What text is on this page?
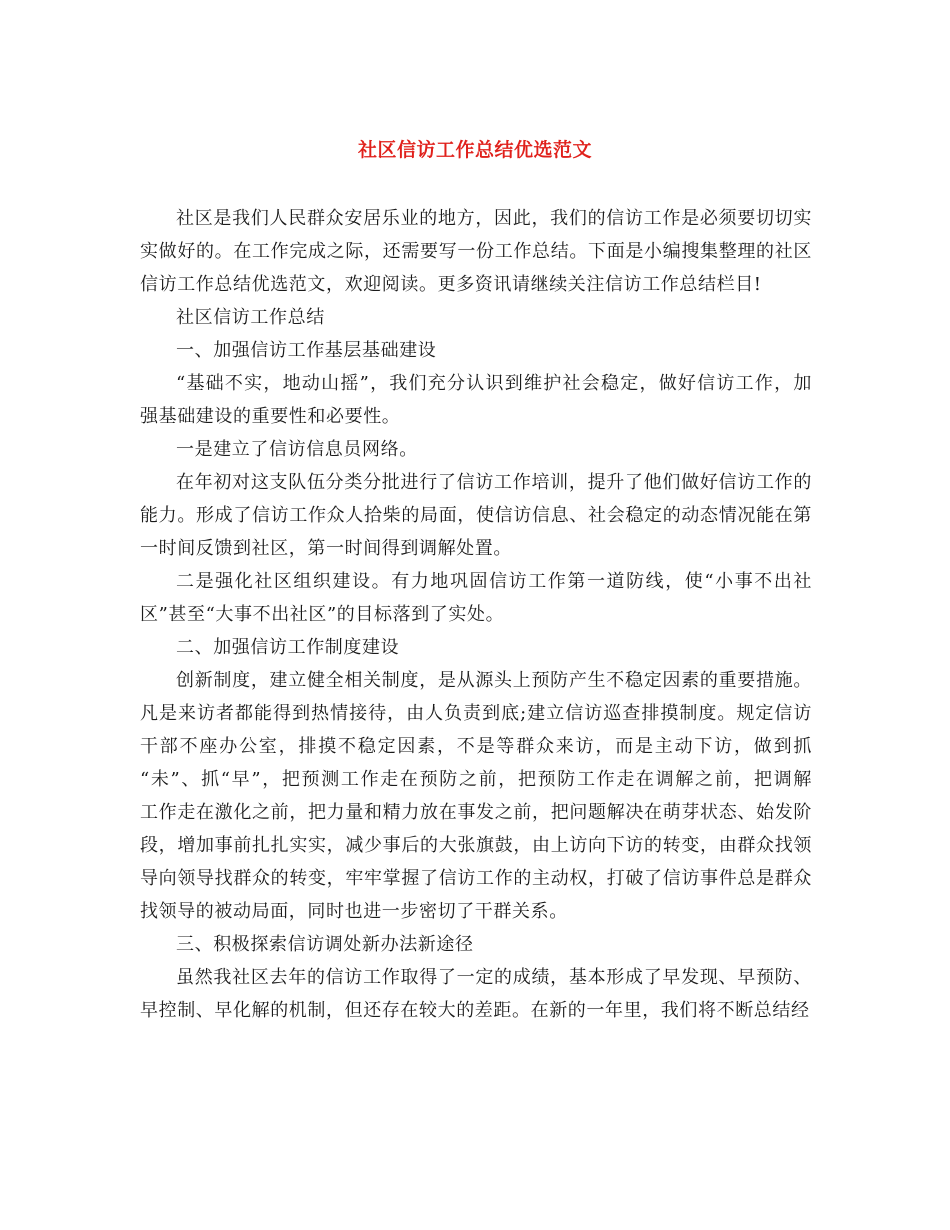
社区信访工作总结优选范文

社区是我们人民群众安居乐业的地方，因此，我们的信访工作是必须要切切实
实做好的。在工作完成之际，还需要写一份工作总结。下面是小编搜集整理的社区
信访工作总结优选范文，欢迎阅读。更多资讯请继续关注信访工作总结栏目!

社区信访工作总结

一、加强信访工作基层基础建设

“基础不实，地动山摇”，我们充分认识到维护社会稳定，做好信访工作，加
强基础建设的重要性和必要性。

一是建立了信访信息员网络。

在年初对这支队伍分类分批进行了信访工作培训，提升了他们做好信访工作的
能力。形成了信访工作众人拾柴的局面，使信访信息、社会稳定的动态情况能在第
一时间反馈到社区，第一时间得到调解处置。

二是强化社区组织建设。有力地巩固信访工作第一道防线，使“小事不出社
区”甚至“大事不出社区”的目标落到了实处。

二、加强信访工作制度建设

创新制度，建立健全相关制度，是从源头上预防产生不稳定因素的重要措施。
凡是来访者都能得到热情接待，由人负责到底;建立信访巡查排摸制度。规定信访
干部不座办公室，排摸不稳定因素，不是等群众来访，而是主动下访，做到抓
“未”、抓“早”，把预测工作走在预防之前，把预防工作走在调解之前，把调解
工作走在激化之前，把力量和精力放在事发之前，把问题解决在萌芽状态、始发阶
段，增加事前扎扎实实，减少事后的大张旗鼓，由上访向下访的转变，由群众找领
导向领导找群众的转变，牢牢掌握了信访工作的主动权，打破了信访事件总是群众
找领导的被动局面，同时也进一步密切了干群关系。

三、积极探索信访调处新办法新途径

虽然我社区去年的信访工作取得了一定的成绩，基本形成了早发现、早预防、
早控制、早化解的机制，但还存在较大的差距。在新的一年里，我们将不断总结经
